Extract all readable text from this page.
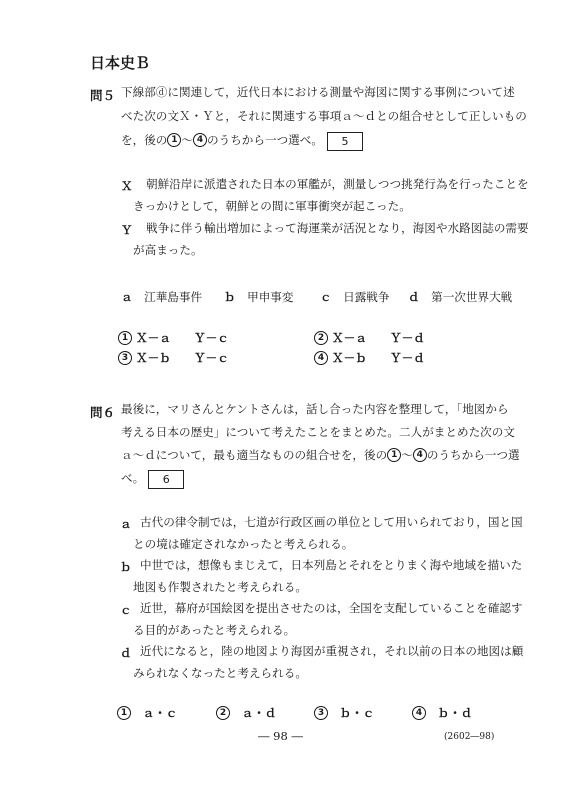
日本史Ｂ
問５ 下線部ⓓに関連して，近代日本における測量や海図に関する事例について述
べた次の文Ｘ・Ｙと，それに関連する事項ａ～ｄとの組合せとして正しいもの
を，後の 1 ～ 4 のうちから一つ選べ。 5
Ｘ 朝鮮沿岸に派遣された日本の軍艦が，測量しつつ挑発行為を行ったことを
きっかけとして，朝鮮との間に軍事衝突が起こった。
Ｙ 戦争に伴う輸出増加によって海運業が活況となり，海図や水路図誌の需要
が高まった。
ａ　 江華島事件 ｂ　 甲申事変 ｃ　 日露戦争 ｄ　 第一次世界大戦
1 Ｘ－ａ　　Ｙ－ｃ	2 Ｘ－ａ　　Ｙ－ｄ
3 Ｘ－ｂ　　Ｙ－ｃ	4 Ｘ－ｂ　　Ｙ－ｄ
問６ 最後に，マリさんとケントさんは，話し合った内容を整理して，「地図から
考える日本の歴史」について考えたことをまとめた。二人がまとめた次の文
ａ～ｄについて，最も適当なものの組合せを，後の 1 ～ 4 のうちから一つ選
べ。 6
ａ 古代の律令制では，七道が行政区画の単位として用いられており，国と国
との境は確定されなかったと考えられる。
ｂ 中世では，想像もまじえて，日本列島とそれをとりまく海や地域を描いた
地図も作製されたと考えられる。
ｃ 近世，幕府が国絵図を提出させたのは，全国を支配していることを確認す
る目的があったと考えられる。
ｄ 近代になると，陸の地図より海図が重視され，それ以前の日本の地図は顧
みられなくなったと考えられる。
1　 ａ・ｃ	2　 ａ・ｄ	3　 ｂ・ｃ	4　 ｂ・ｄ
― 98 ―	(2602―98)
